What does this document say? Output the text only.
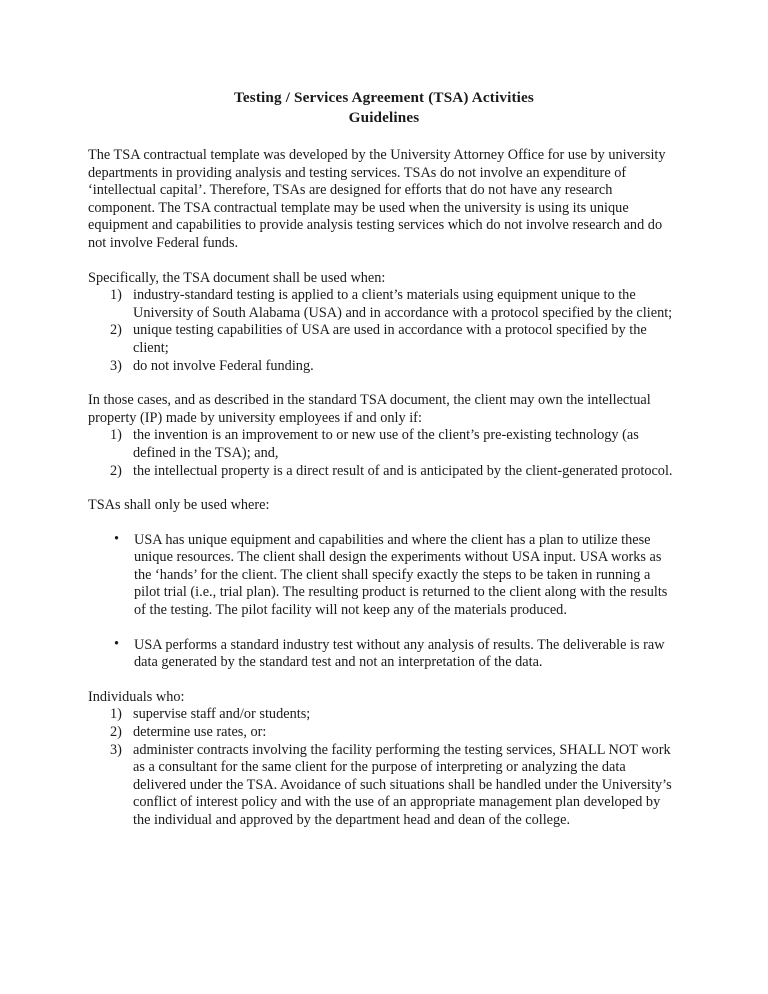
Testing / Services Agreement (TSA) Activities
Guidelines

The TSA contractual template was developed by the University Attorney Office for use by university departments in providing analysis and testing services. TSAs do not involve an expenditure of ‘intellectual capital’. Therefore, TSAs are designed for efforts that do not have any research component. The TSA contractual template may be used when the university is using its unique equipment and capabilities to provide analysis testing services which do not involve research and do not involve Federal funds.

Specifically, the TSA document shall be used when:

1) industry-standard testing is applied to a client’s materials using equipment unique to the University of South Alabama (USA) and in accordance with a protocol specified by the client;
2) unique testing capabilities of USA are used in accordance with a protocol specified by the client;
3) do not involve Federal funding.

In those cases, and as described in the standard TSA document, the client may own the intellectual property (IP) made by university employees if and only if:

1) the invention is an improvement to or new use of the client’s pre-existing technology (as defined in the TSA); and,
2) the intellectual property is a direct result of and is anticipated by the client-generated protocol.

TSAs shall only be used where:

• USA has unique equipment and capabilities and where the client has a plan to utilize these unique resources. The client shall design the experiments without USA input. USA works as the ‘hands’ for the client. The client shall specify exactly the steps to be taken in running a pilot trial (i.e., trial plan). The resulting product is returned to the client along with the results of the testing. The pilot facility will not keep any of the materials produced.
• USA performs a standard industry test without any analysis of results. The deliverable is raw data generated by the standard test and not an interpretation of the data.

Individuals who:

1) supervise staff and/or students;
2) determine use rates, or:
3) administer contracts involving the facility performing the testing services, SHALL NOT work as a consultant for the same client for the purpose of interpreting or analyzing the data delivered under the TSA. Avoidance of such situations shall be handled under the University’s conflict of interest policy and with the use of an appropriate management plan developed by the individual and approved by the department head and dean of the college.
